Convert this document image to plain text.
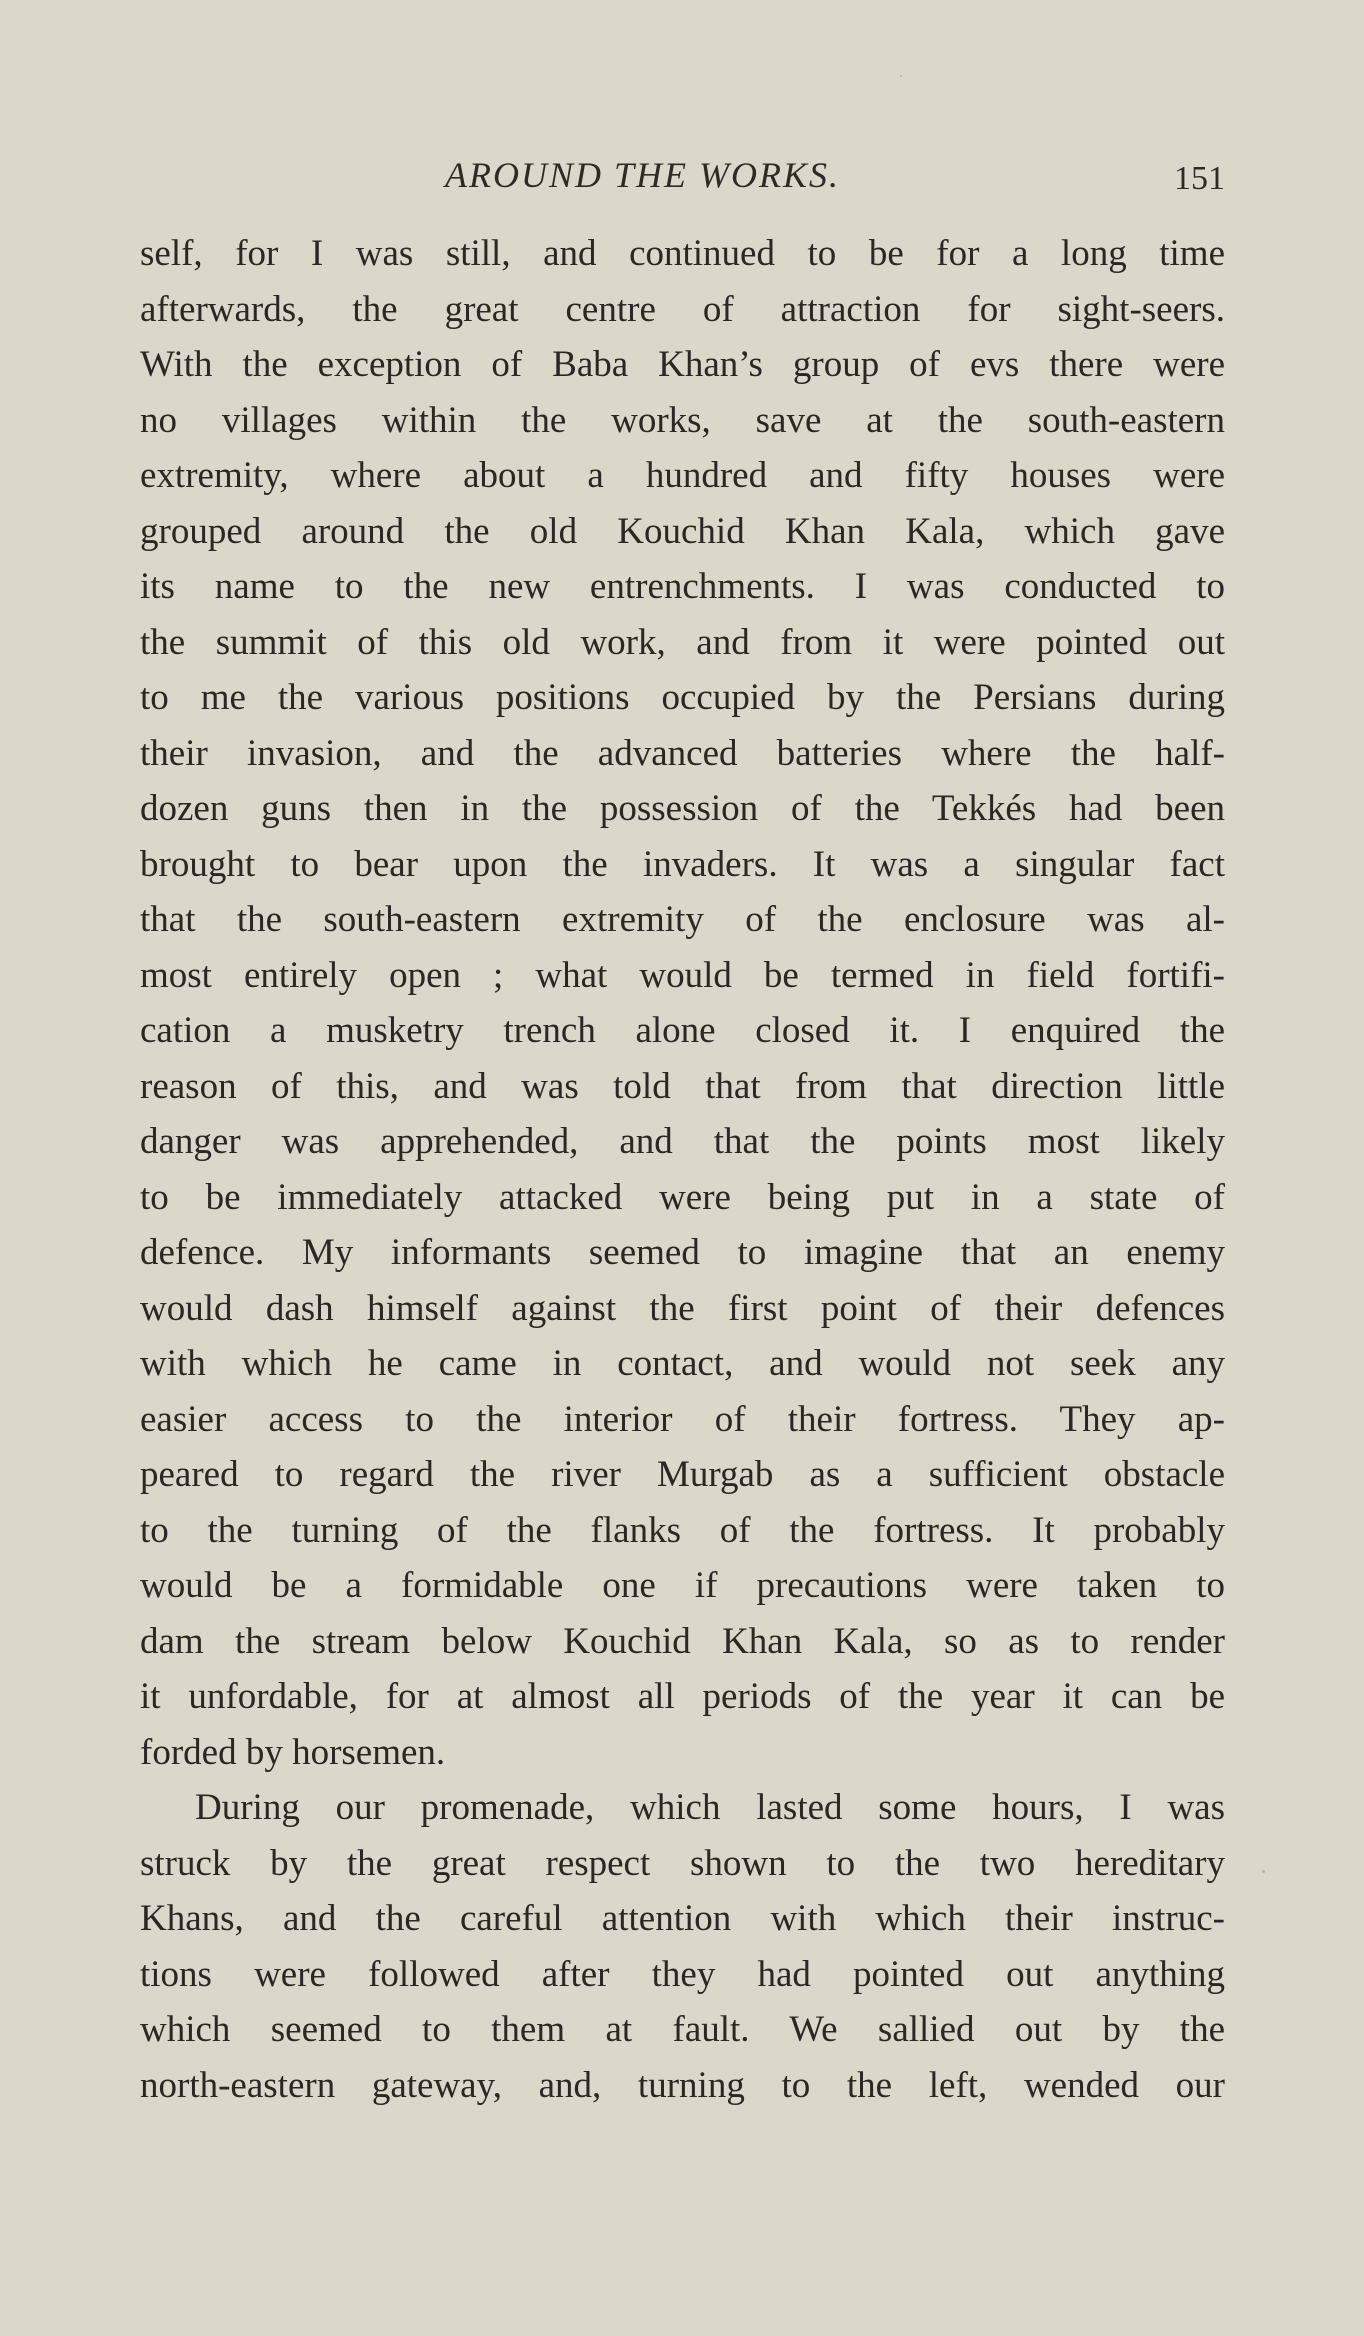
AROUND THE WORKS.	151
self, for I was still, and continued to be for a long time
afterwards, the great centre of attraction for sight-seers.
With the exception of Baba Khan’s group of evs there were
no villages within the works, save at the south-eastern
extremity, where about a hundred and fifty houses were
grouped around the old Kouchid Khan Kala, which gave
its name to the new entrenchments. I was conducted to
the summit of this old work, and from it were pointed out
to me the various positions occupied by the Persians during
their invasion, and the advanced batteries where the half-
dozen guns then in the possession of the Tekkés had been
brought to bear upon the invaders. It was a singular fact
that the south-eastern extremity of the enclosure was al-
most entirely open ; what would be termed in field fortifi-
cation a musketry trench alone closed it. I enquired the
reason of this, and was told that from that direction little
danger was apprehended, and that the points most likely
to be immediately attacked were being put in a state of
defence. My informants seemed to imagine that an enemy
would dash himself against the first point of their defences
with which he came in contact, and would not seek any
easier access to the interior of their fortress. They ap-
peared to regard the river Murgab as a sufficient obstacle
to the turning of the flanks of the fortress. It probably
would be a formidable one if precautions were taken to
dam the stream below Kouchid Khan Kala, so as to render
it unfordable, for at almost all periods of the year it can be
forded by horsemen.
During our promenade, which lasted some hours, I was
struck by the great respect shown to the two hereditary
Khans, and the careful attention with which their instruc-
tions were followed after they had pointed out anything
which seemed to them at fault. We sallied out by the
north-eastern gateway, and, turning to the left, wended our
